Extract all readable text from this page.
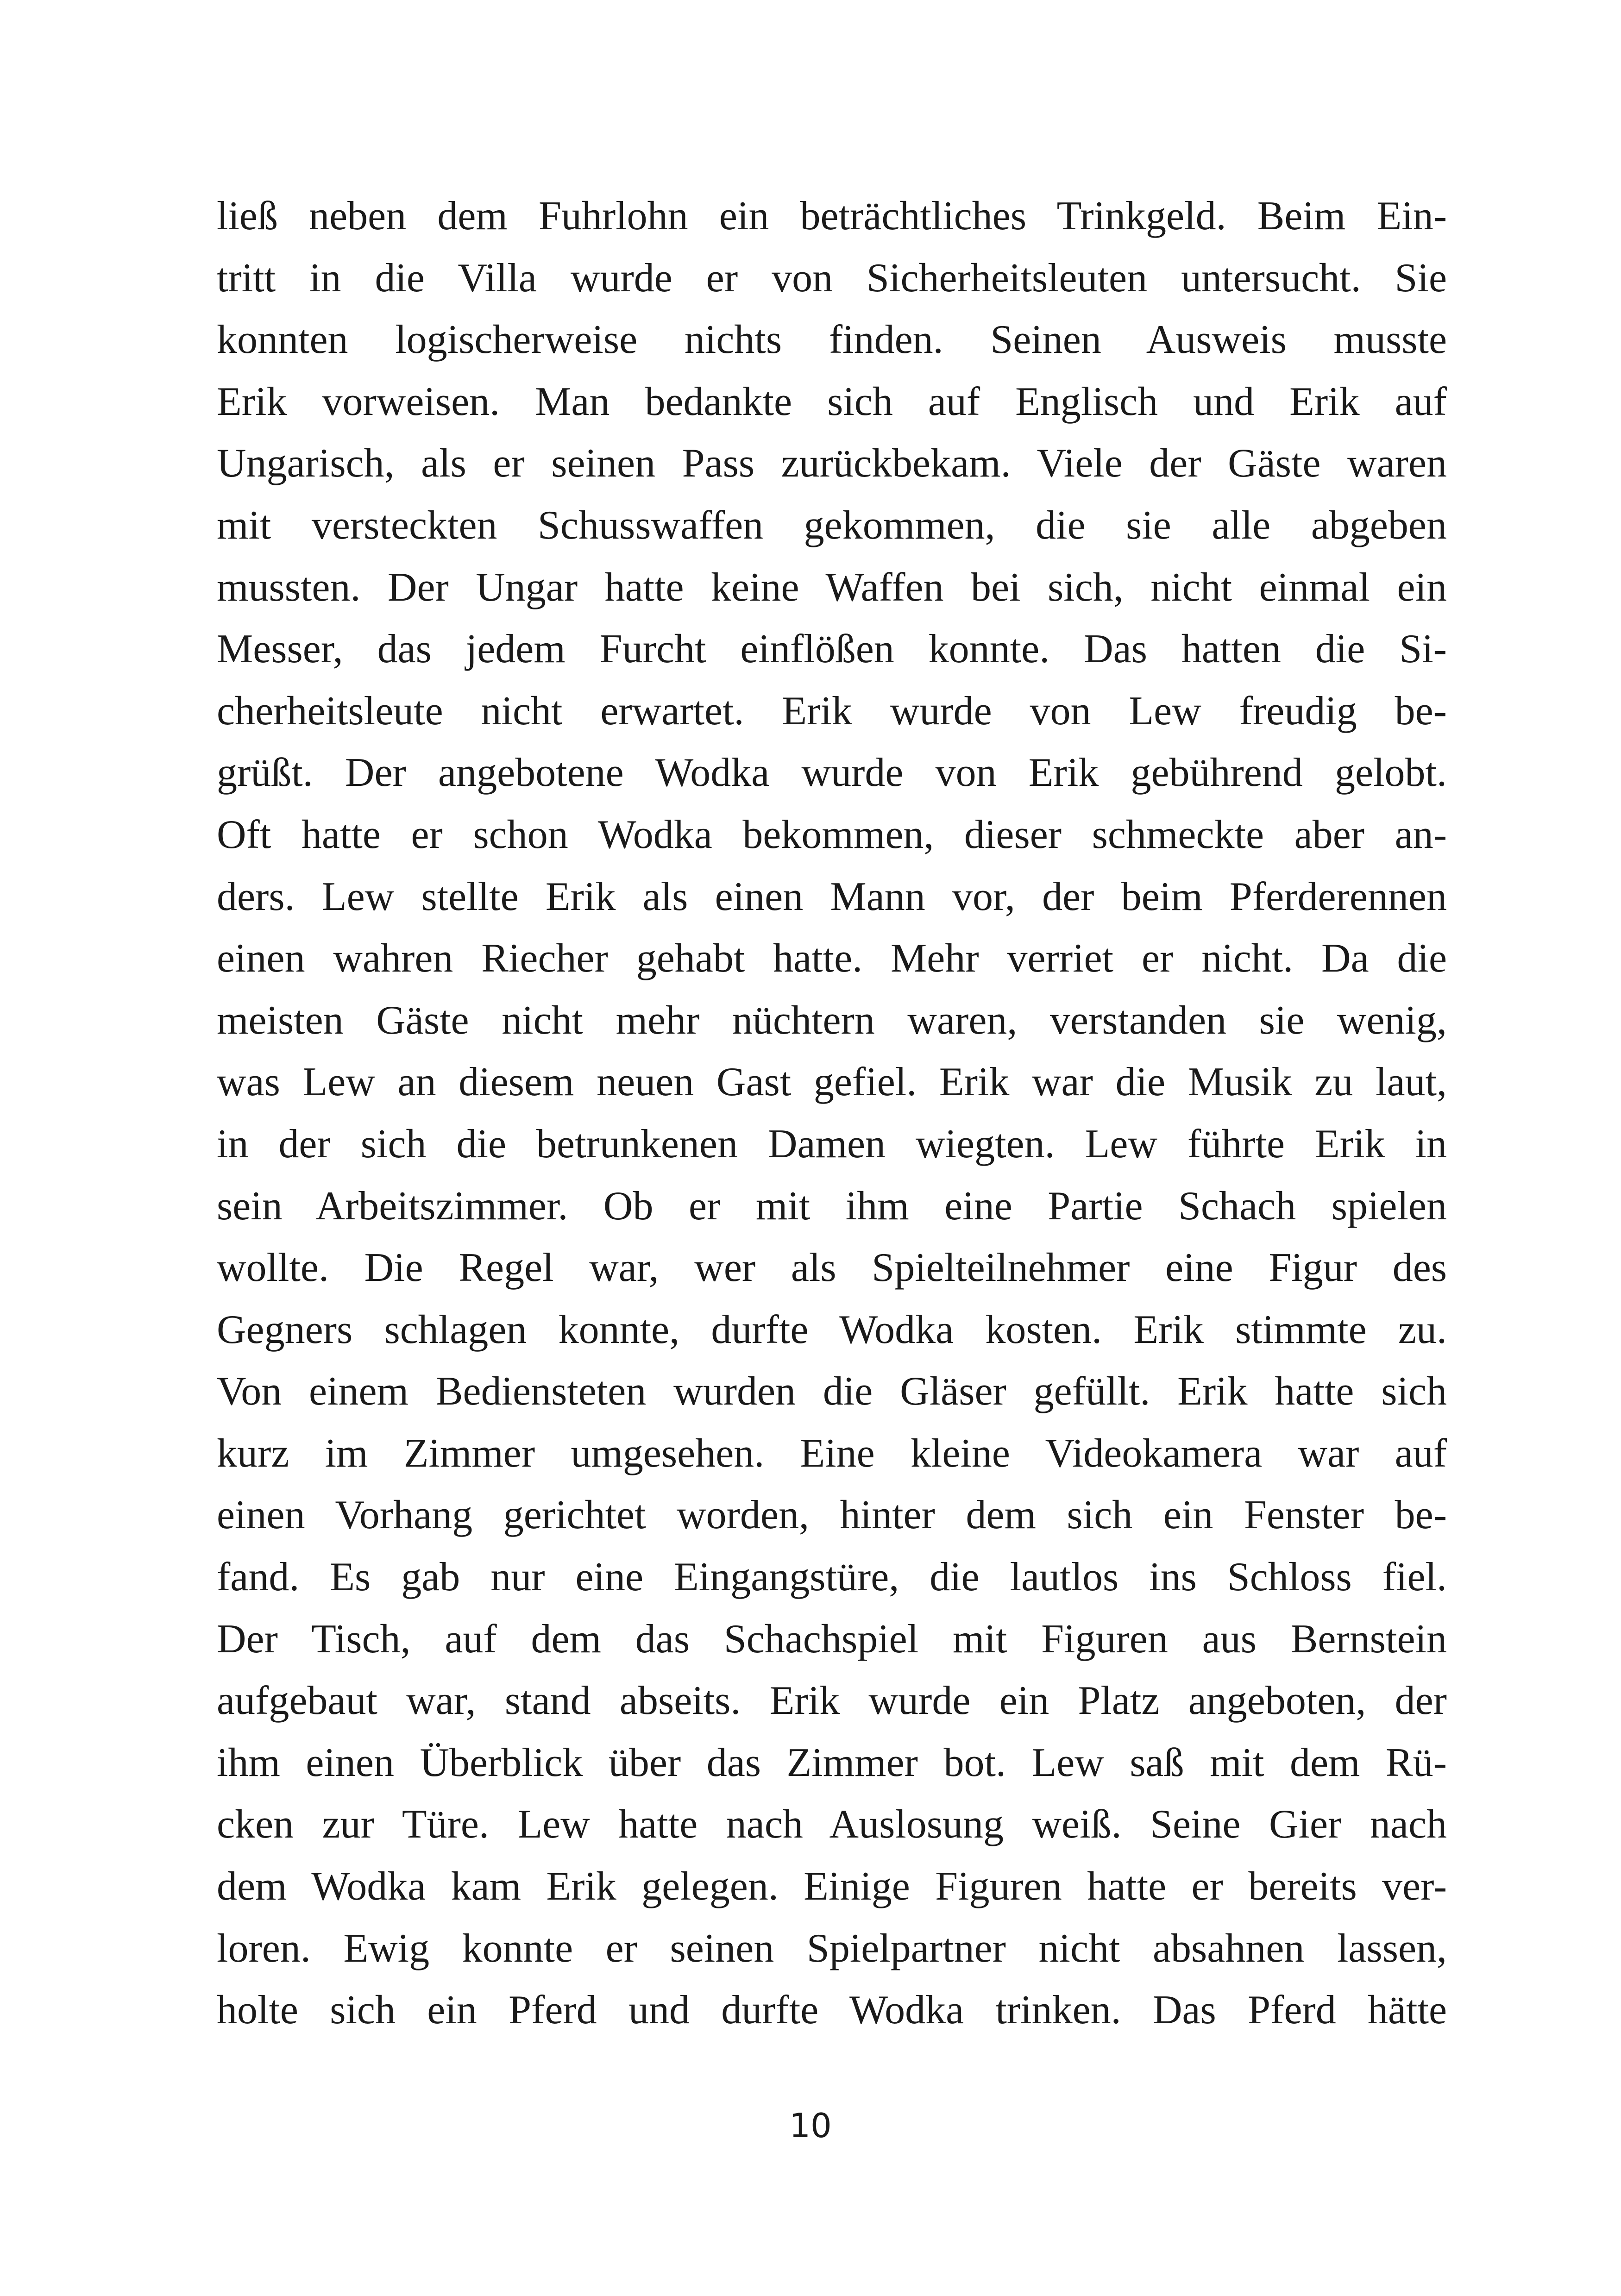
ließ neben dem Fuhrlohn ein beträchtliches Trinkgeld. Beim Ein-
tritt in die Villa wurde er von Sicherheitsleuten untersucht. Sie
konnten logischerweise nichts finden. Seinen Ausweis musste
Erik vorweisen. Man bedankte sich auf Englisch und Erik auf
Ungarisch, als er seinen Pass zurückbekam. Viele der Gäste waren
mit versteckten Schusswaffen gekommen, die sie alle abgeben
mussten. Der Ungar hatte keine Waffen bei sich, nicht einmal ein
Messer, das jedem Furcht einflößen konnte. Das hatten die Si-
cherheitsleute nicht erwartet. Erik wurde von Lew freudig be-
grüßt. Der angebotene Wodka wurde von Erik gebührend gelobt.
Oft hatte er schon Wodka bekommen, dieser schmeckte aber an-
ders. Lew stellte Erik als einen Mann vor, der beim Pferderennen
einen wahren Riecher gehabt hatte. Mehr verriet er nicht. Da die
meisten Gäste nicht mehr nüchtern waren, verstanden sie wenig,
was Lew an diesem neuen Gast gefiel. Erik war die Musik zu laut,
in der sich die betrunkenen Damen wiegten. Lew führte Erik in
sein Arbeitszimmer. Ob er mit ihm eine Partie Schach spielen
wollte. Die Regel war, wer als Spielteilnehmer eine Figur des
Gegners schlagen konnte, durfte Wodka kosten. Erik stimmte zu.
Von einem Bediensteten wurden die Gläser gefüllt. Erik hatte sich
kurz im Zimmer umgesehen. Eine kleine Videokamera war auf
einen Vorhang gerichtet worden, hinter dem sich ein Fenster be-
fand. Es gab nur eine Eingangstüre, die lautlos ins Schloss fiel.
Der Tisch, auf dem das Schachspiel mit Figuren aus Bernstein
aufgebaut war, stand abseits. Erik wurde ein Platz angeboten, der
ihm einen Überblick über das Zimmer bot. Lew saß mit dem Rü-
cken zur Türe. Lew hatte nach Auslosung weiß. Seine Gier nach
dem Wodka kam Erik gelegen. Einige Figuren hatte er bereits ver-
loren. Ewig konnte er seinen Spielpartner nicht absahnen lassen,
holte sich ein Pferd und durfte Wodka trinken. Das Pferd hätte
10
